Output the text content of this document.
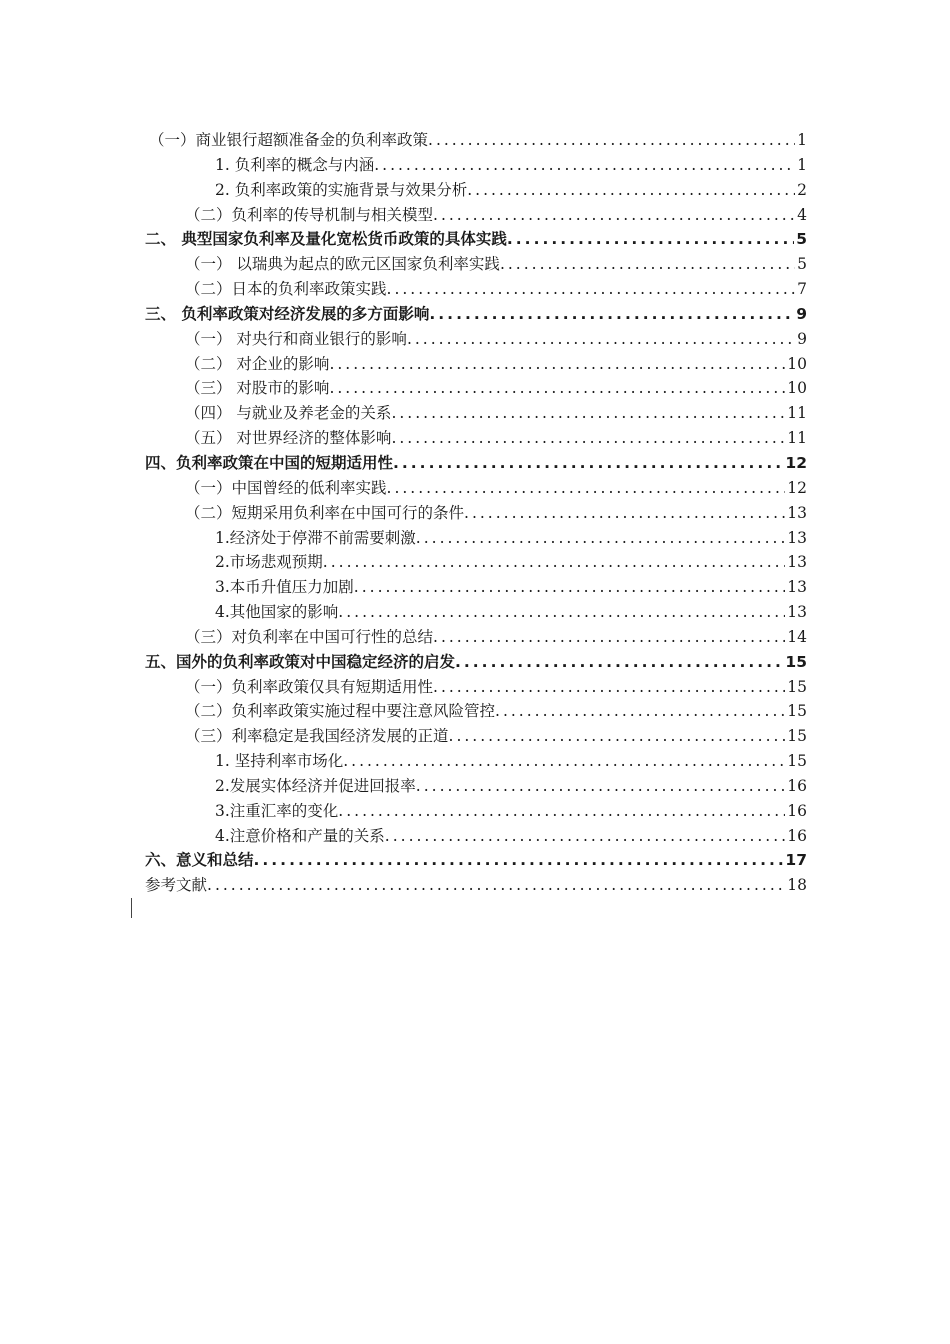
（一）商业银行超额准备金的负利率政策 .....	1
1. 负利率的概念与内涵 .....	1
2. 负利率政策的实施背景与效果分析 .....	2
（二）负利率的传导机制与相关模型 .....	4
二、 典型国家负利率及量化宽松货币政策的具体实践 .....	5
（一） 以瑞典为起点的欧元区国家负利率实践 .....	5
（二）日本的负利率政策实践 .....	7
三、 负利率政策对经济发展的多方面影响 .....	9
（一） 对央行和商业银行的影响 .....	9
（二） 对企业的影响 .....	10
（三） 对股市的影响 .....	10
（四） 与就业及养老金的关系 .....	11
（五） 对世界经济的整体影响 .....	11
四、负利率政策在中国的短期适用性 .....	12
（一）中国曾经的低利率实践 .....	12
（二）短期采用负利率在中国可行的条件 .....	13
1.经济处于停滞不前需要刺激 .....	13
2.市场悲观预期 .....	13
3.本币升值压力加剧 .....	13
4.其他国家的影响 .....	13
（三）对负利率在中国可行性的总结 .....	14
五、国外的负利率政策对中国稳定经济的启发 .....	15
（一）负利率政策仅具有短期适用性 .....	15
（二）负利率政策实施过程中要注意风险管控 .....	15
（三）利率稳定是我国经济发展的正道 .....	15
1. 坚持利率市场化 .....	15
2.发展实体经济并促进回报率 .....	16
3.注重汇率的变化 .....	16
4.注意价格和产量的关系 .....	16
六、意义和总结 .....	17
参考文献 .....	18
